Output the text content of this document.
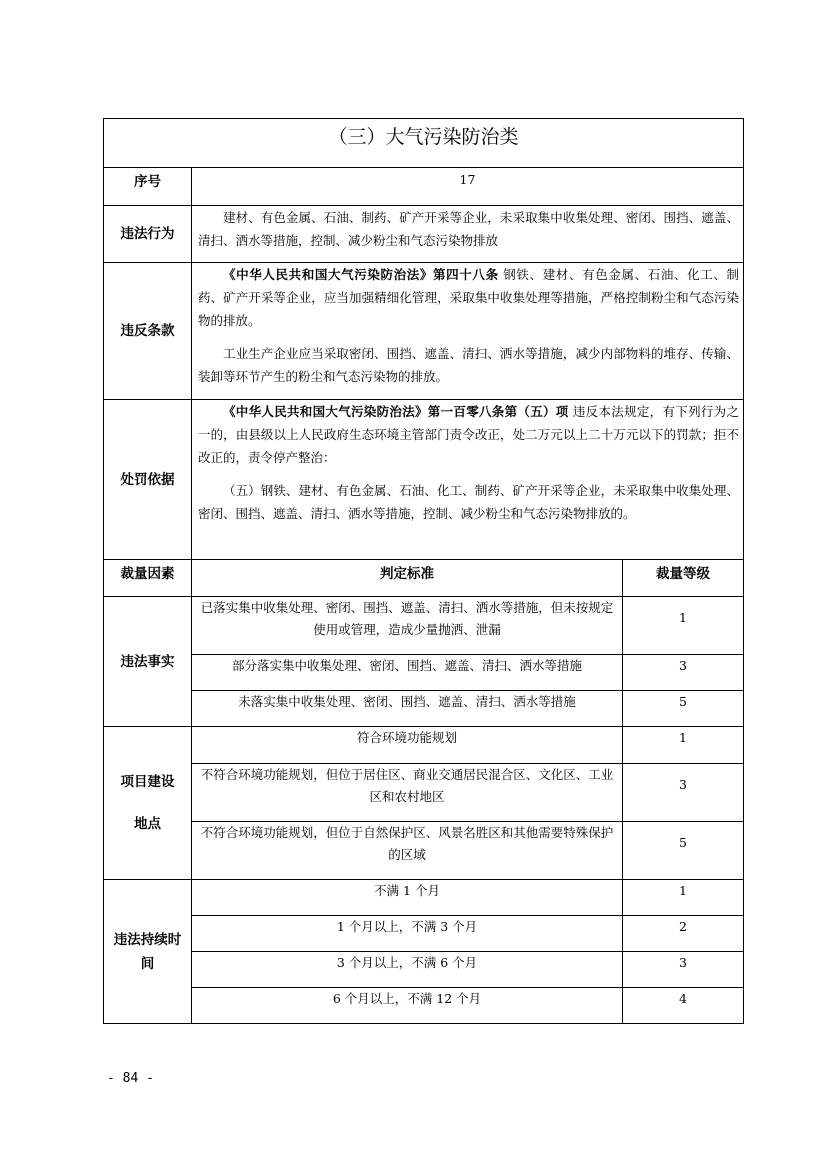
（三）大气污染防治类		
序号	17	
违法行为	建材、有色金属、石油、制药、矿产开采等企业，未采取集中收集处理、密闭、围挡、遮盖、清扫、洒水等措施，控制、减少粉尘和气态污染物排放	

违反条款	《中华人民共和国大气污染防治法》第四十八条 钢铁、建材、有色金属、石油、化工、制药、矿产开采等企业，应当加强精细化管理，采取集中收集处理等措施，严格控制粉尘和气态污染物的排放。

工业生产企业应当采取密闭、围挡、遮盖、清扫、洒水等措施，减少内部物料的堆存、传输、装卸等环节产生的粉尘和气态污染物的排放。	

处罚依据	《中华人民共和国大气污染防治法》第一百零八条第（五）项 违反本法规定，有下列行为之一的，由县级以上人民政府生态环境主管部门责令改正，处二万元以上二十万元以下的罚款；拒不改正的，责令停产整治：

（五）钢铁、建材、有色金属、石油、化工、制药、矿产开采等企业，未采取集中收集处理、密闭、围挡、遮盖、清扫、洒水等措施，控制、减少粉尘和气态污染物排放的。	

裁量因素	判定标准	裁量等级
违法事实	已落实集中收集处理、密闭、围挡、遮盖、清扫、洒水等措施，但未按规定使用或管理，造成少量抛洒、泄漏	1
	部分落实集中收集处理、密闭、围挡、遮盖、清扫、洒水等措施	3
	未落实集中收集处理、密闭、围挡、遮盖、清扫、洒水等措施	5

项目建设
地点	符合环境功能规划	1
	不符合环境功能规划，但位于居住区、商业交通居民混合区、文化区、工业区和农村地区	3
	不符合环境功能规划，但位于自然保护区、风景名胜区和其他需要特殊保护的区域	5
违法持续时间	不满 1 个月	1
	1 个月以上，不满 3 个月	2
	3 个月以上，不满 6 个月	3
	6 个月以上，不满 12 个月	4
- 84 -
